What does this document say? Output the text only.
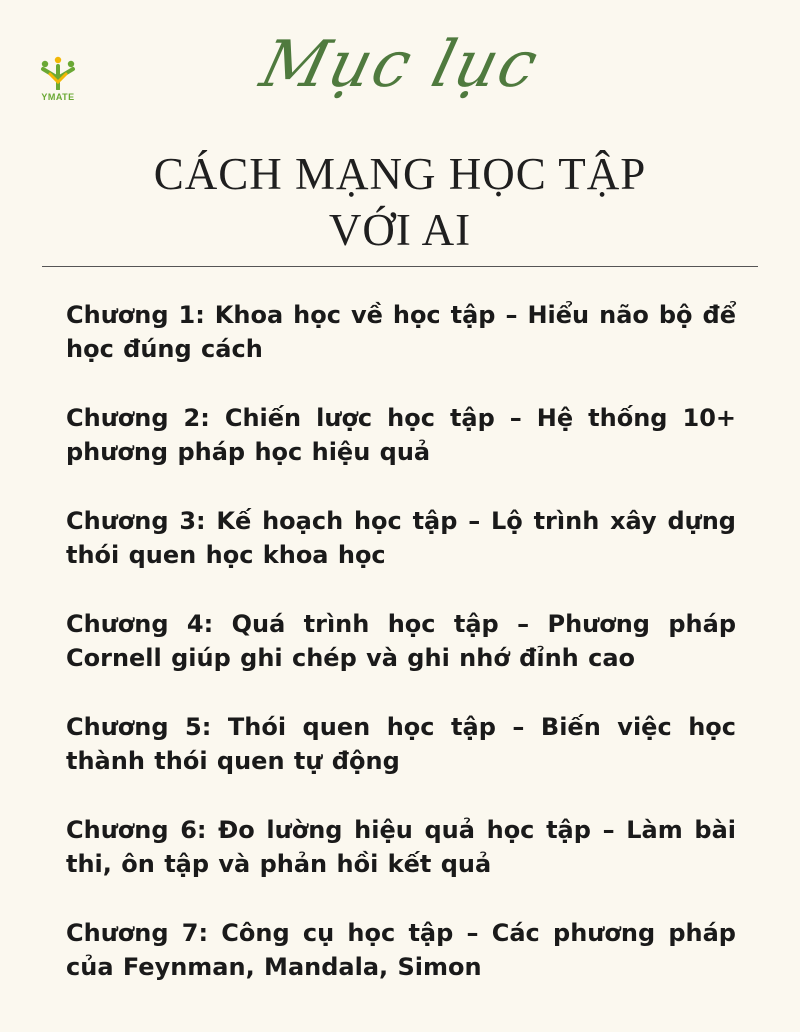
YMATE	Mục lục
CÁCH MẠNG HỌC TẬP
VỚI AI
Chương 1: Khoa học về học tập – Hiểu não bộ để học đúng cách
Chương 2: Chiến lược học tập – Hệ thống 10+ phương pháp học hiệu quả
Chương 3: Kế hoạch học tập – Lộ trình xây dựng thói quen học khoa học
Chương 4: Quá trình học tập – Phương pháp Cornell giúp ghi chép và ghi nhớ đỉnh cao
Chương 5: Thói quen học tập – Biến việc học thành thói quen tự động
Chương 6: Đo lường hiệu quả học tập – Làm bài thi, ôn tập và phản hồi kết quả
Chương 7: Công cụ học tập – Các phương pháp của Feynman, Mandala, Simon
